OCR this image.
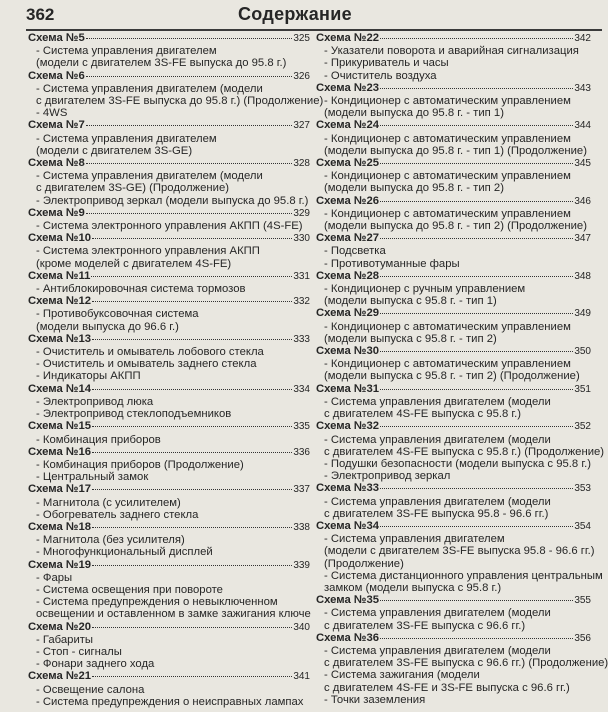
362	Содержание
Схема №5	325
- Система управления двигателем
(модели с двигателем 3S-FE выпуска до 95.8 г.)
Схема №6	326
- Система управления двигателем (модели
с двигателем 3S-FE выпуска до 95.8 г.) (Продолжение)
- 4WS
Схема №7	327
- Система управления двигателем
(модели с двигателем 3S-GE)
Схема №8	328
- Система управления двигателем (модели
с двигателем 3S-GE) (Продолжение)
- Электропривод зеркал (модели выпуска до 95.8 г.)
Схема №9	329
- Система электронного управления АКПП (4S-FE)
Схема №10	330
- Система электронного управления АКПП
(кроме моделей с двигателем 4S-FE)
Схема №11	331
- Антиблокировочная система тормозов
Схема №12	332
- Противобуксовочная система
(модели выпуска до 96.6 г.)
Схема №13	333
- Очиститель и омыватель лобового стекла
- Очиститель и омыватель заднего стекла
- Индикаторы АКПП
Схема №14	334
- Электропривод люка
- Электропривод стеклоподъемников
Схема №15	335
- Комбинация приборов
Схема №16	336
- Комбинация приборов (Продолжение)
- Центральный замок
Схема №17	337
- Магнитола (с усилителем)
- Обогреватель заднего стекла
Схема №18	338
- Магнитола (без усилителя)
- Многофункциональный дисплей
Схема №19	339
- Фары
- Система освещения при повороте
- Система предупреждения о невыключенном
освещении и оставленном в замке зажигания ключе
Схема №20	340
- Габариты
- Стоп - сигналы
- Фонари заднего хода
Схема №21	341
- Освещение салона
- Система предупреждения о неисправных лампах
Схема №22	342
- Указатели поворота и аварийная сигнализация
- Прикуриватель и часы
- Очиститель воздуха
Схема №23	343
- Кондиционер с автоматическим управлением
(модели выпуска до 95.8 г. - тип 1)
Схема №24	344
- Кондиционер с автоматическим управлением
(модели выпуска до 95.8 г. - тип 1) (Продолжение)
Схема №25	345
- Кондиционер с автоматическим управлением
(модели выпуска до 95.8 г. - тип 2)
Схема №26	346
- Кондиционер с автоматическим управлением
(модели выпуска до 95.8 г. - тип 2) (Продолжение)
Схема №27	347
- Подсветка
- Противотуманные фары
Схема №28	348
- Кондиционер с ручным управлением
(модели выпуска с 95.8 г. - тип 1)
Схема №29	349
- Кондиционер с автоматическим управлением
(модели выпуска с 95.8 г. - тип 2)
Схема №30	350
- Кондиционер с автоматическим управлением
(модели выпуска с 95.8 г. - тип 2) (Продолжение)
Схема №31	351
- Система управления двигателем (модели
с двигателем 4S-FE выпуска с 95.8 г.)
Схема №32	352
- Система управления двигателем (модели
с двигателем 4S-FE выпуска с 95.8 г.) (Продолжение)
- Подушки безопасности (модели выпуска с 95.8 г.)
- Электропривод зеркал
Схема №33	353
- Система управления двигателем (модели
с двигателем 3S-FE выпуска 95.8 - 96.6 гг.)
Схема №34	354
- Система управления двигателем
(модели с двигателем 3S-FE выпуска 95.8 - 96.6 гг.)
(Продолжение)
- Система дистанционного управления центральным
замком (модели выпуска с 95.8 г.)
Схема №35	355
- Система управления двигателем (модели
с двигателем 3S-FE выпуска с 96.6 гг.)
Схема №36	356
- Система управления двигателем (модели
с двигателем 3S-FE выпуска с 96.6 гг.) (Продолжение)
- Система зажигания (модели
с двигателем 4S-FE и 3S-FE выпуска с 96.6 гг.)
- Точки заземления
